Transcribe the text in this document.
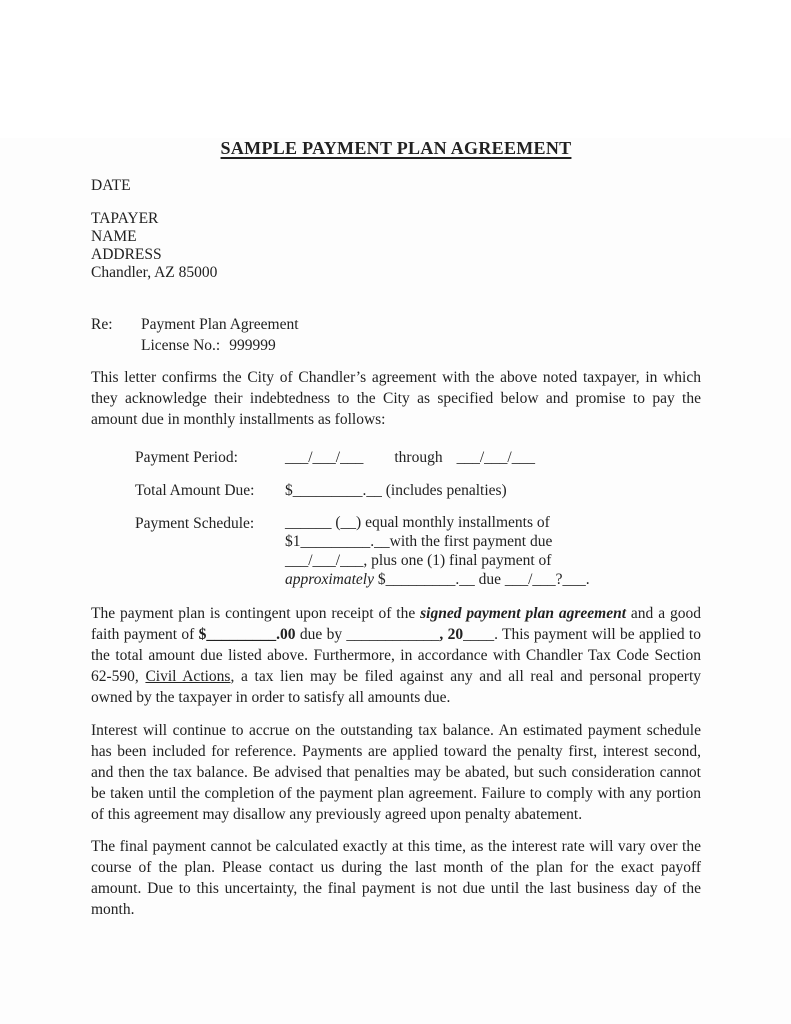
SAMPLE PAYMENT PLAN AGREEMENT
DATE
TAPAYER
NAME
ADDRESS
Chandler, AZ 85000
Re:	Payment Plan Agreement
License No.: 999999
This letter confirms the City of Chandler’s agreement with the above noted taxpayer, in which they acknowledge their indebtedness to the City as specified below and promise to pay the amount due in monthly installments as follows:
Payment Period:	___/___/___ through ___/___/___
Total Amount Due:	$_________.__ (includes penalties)
Payment Schedule:	______ (__) equal monthly installments of
$1_________.__with the first payment due
___/___/___, plus one (1) final payment of
approximately $_________.__ due ___/___?___.
The payment plan is contingent upon receipt of the signed payment plan agreement and a good faith payment of $_________.00 due by ____________, 20____. This payment will be applied to the total amount due listed above. Furthermore, in accordance with Chandler Tax Code Section 62-590, Civil Actions, a tax lien may be filed against any and all real and personal property owned by the taxpayer in order to satisfy all amounts due.
Interest will continue to accrue on the outstanding tax balance. An estimated payment schedule has been included for reference. Payments are applied toward the penalty first, interest second, and then the tax balance. Be advised that penalties may be abated, but such consideration cannot be taken until the completion of the payment plan agreement. Failure to comply with any portion of this agreement may disallow any previously agreed upon penalty abatement.
The final payment cannot be calculated exactly at this time, as the interest rate will vary over the course of the plan. Please contact us during the last month of the plan for the exact payoff amount. Due to this uncertainty, the final payment is not due until the last business day of the month.
